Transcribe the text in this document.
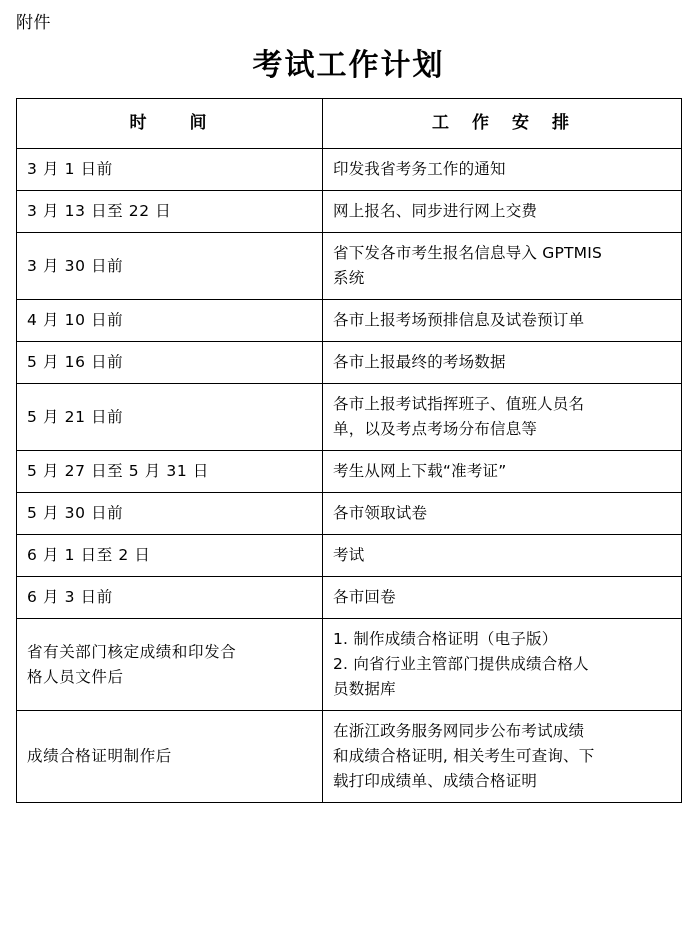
附件
考试工作计划
时　　间	工　作　安　排

3 月 1 日前	印发我省考务工作的通知

3 月 13 日至 22 日	网上报名、同步进行网上交费

3 月 30 日前	省下发各市考生报名信息导入 GPTMIS
系统

4 月 10 日前	各市上报考场预排信息及试卷预订单

5 月 16 日前	各市上报最终的考场数据

5 月 21 日前	各市上报考试指挥班子、值班人员名
单，以及考点考场分布信息等

5 月 27 日至 5 月 31 日	考生从网上下载“准考证”

5 月 30 日前	各市领取试卷

6 月 1 日至 2 日	考试

6 月 3 日前	各市回卷

省有关部门核定成绩和印发合
格人员文件后	1. 制作成绩合格证明（电子版）
2. 向省行业主管部门提供成绩合格人
员数据库

成绩合格证明制作后	在浙江政务服务网同步公布考试成绩
和成绩合格证明, 相关考生可查询、下
载打印成绩单、成绩合格证明
